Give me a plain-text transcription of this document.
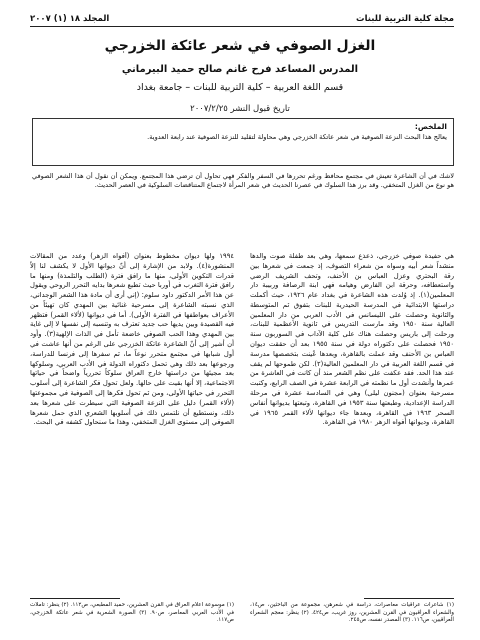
مجلة كلية التربية للبنات
المجلد ١٨ (١) ٢٠٠٧
الغزل الصوفي في شعر عائكة الخزرجي
المدرس المساعد فرح غانم صالح حميد البيرماني
قسم اللغة العربية – كلية التربية للبنات – جامعة بغداد
تاريخ قبول النشر ٢٠٠٧/٢/٢٥
الملخص:
يعالج هذا البحث النزعة الصوفية في شعر عاتكة الخزرجي وهي محاولة لتقليد للنزعة الصوفية عند رابعة العدوية.
لاشك في أن الشاعرة تعيش في مجتمع محافظ ورغم تحررها في السفر والفكر فهي تحاول أن ترضي هذا المجتمع. ويمكن أن نقول أن هذا الشعر الصوفي هو نوع من الغزل المتخفي. وقد برز هذا السلوك في عصرنا الحديث في شعر المرأة لاجتماع المتناقضات السلوكية في العصر الحديث.

هي حفيدة صوفي خزرجي، ذعذع سمعها، وهي بعد طفلة صوت والدها منشداً شعر أبيه وسواه من شعراء التصوف، إذ جمعت في شعرها بين رقة البحتري وعزل العباس بن الأحنف، وتحف الشريف الرضي واستعطافه، وحرقة ابن الفارض وهيامه فهي ابنة الرصافة وربيبة دار المعلمين(١). إذ وُلدت هذه الشاعرة في بغداد عام ١٩٢٦، حيث أكملت دراستها الابتدائية في المدرسة الحيدرية للبنات بتفوق ثم المتوسطة والثانوية وحصلت على الليسانس في الأدب العربي من دار المعلمين العالية سنة ١٩٥٠ وقد مارست التدريس في ثانوية الأعظمية للبنات، ورحلت إلى باريس وحصلت هناك على كلية الآداب في السوربون سنة ١٩٥٠ فحصلت على دكتوراه دولة في سنة ١٩٥٥ بعد أن حققت ديوان العباس بن الأحنف وقد عملت بالقاهرة، وبعدها عُينت بتخصصها مدرسة في قسم اللغة العربية في دار المعلمين العالية(٢). لكن طموحها لم يقف عند هذا الحد. فقد عكفت على نظم الشعر منذ أن كانت في العاشرة من عمرها وأنشدت أول ما نظمته في الرابعة عشرة في الصف الرابع، وكتبت مسرحية بعنوان (مجنون ليلى) وهي في السادسة عشرة في مرحلة الدراسة الإعدادية، وطبعتها سنة ١٩٥٣ في القاهرة، وتبعتها بديوانها أنفاس السحر ١٩٦٣ في القاهرة، وبعدها جاء ديوانها لألاء القمر ١٩٦٥ في القاهرة، وديوانها أفواه الزهر ١٩٨٠ في القاهرة.

١٩٩٤ ولها ديوان مخطوط بعنوان (أفواه الزهر) وعدد من المقالات المنشورة(٤). ولابد من الإشارة إلى أنّ ديوانها الأول لا يكشف لنا إلاّ قدرات التكوين الأولى، منها ما رافق فترة (الطلب والتلمذة) ومنها ما رافق فترة التغرب في أوربا حيث تطبع شعرها بدايه التحرر الروحي ويقول عن هذا الأمر الدكتور داود سلوم: (إني أرى أن مادة هذا الشعر الوجداني، الذي نسبته الشاعرة إلى مسرحية غنائية بين المهدي كان تهيئاً من الأعراف بعواطفها في الفترة الأولى). أما في ديوانها (لألاء القمر) فتظهر فيه القصيدة وبين يديها حب جديد تعترف به وتنسبه إلى نفسها لا إلى غاية بين المهدي وهذا الحب الصوفي خاضعة تأمل في الذات الإلهية(٣). وأود أن أشير إلى أنّ الشاعرة عاتكة الخزرجي على الرغم من أنها عاشت في أول شبابها في مجتمع متحرر نوعاً ما، ثم سفرها إلى فرنسا للدراسة، ورجوعها بعد ذلك وهي تحمل دكتوراه الدولة في الأدب العربي، وسلوكها بعد مجيئها من دراستها خارج العراق سلوكاً تحررياً واضحاً في حياتها الاجتماعية، إلا أنها بقيت على حالها. ولعل تحول فكر الشاعرة إلى أسلوب التحرر في حياتها الأولى، ومن ثم تحول فكرها إلى الصوفية في مجموعتها (لألاء القمر) دليل على النزعة الصوفية التي سيطرت على شعرها بعد ذلك، ونستطيع أن نلتمس ذلك في أسلوبها الشعري الذي حمل شعرها الصوفي إلى مستوى الغزل المتخفي، وهذا ما سنحاول كشفه في البحث.

(١) شاعرات عراقيات معاصرات، دراسة في شعرهن، مجموعة من الباحثين، ص١٤، والشعراء العراقيون في القرن العشرين، روز غريب، ص٤٢٤. (٢) ينظر: معجم الشعراء العراقيين، ص١١٦. (٣) المصدر نفسه، ص٢٤٥.
(١) موسوعة أعلام العراق في القرن العشرين، حميد المطبعي، ص١١٢. (٢) ينظر: تأملات في الأدب العربي المعاصر، ص٩٠. (٣) الصورة الشعرية في شعر عاتكة الخزرجي، ص١١٧.
